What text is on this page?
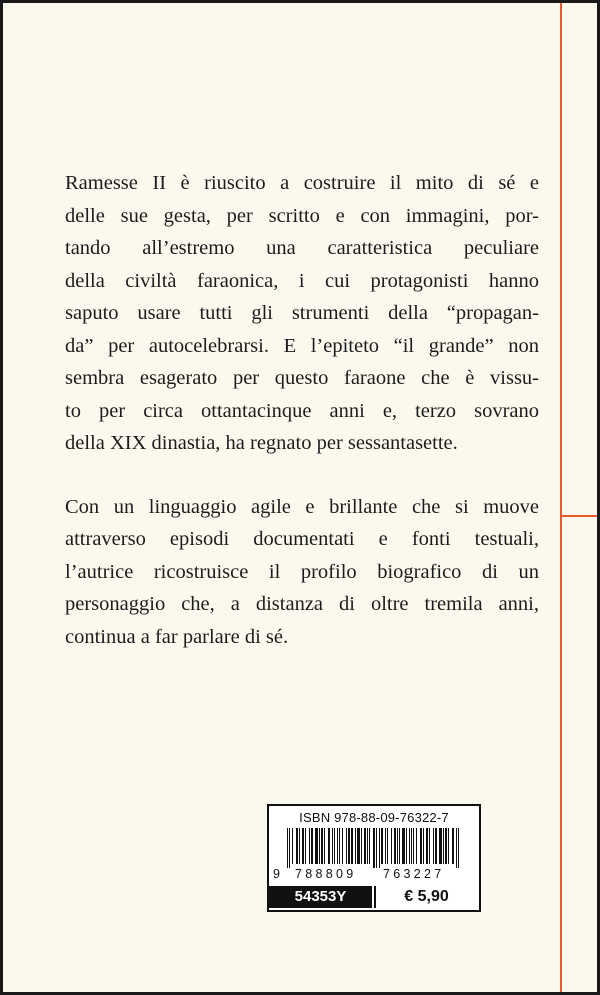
Ramesse II è riuscito a costruire il mito di sé e
delle sue gesta, per scritto e con immagini, por-
tando all’estremo una caratteristica peculiare
della civiltà faraonica, i cui protagonisti hanno
saputo usare tutti gli strumenti della “propagan-
da” per autocelebrarsi. E l’epiteto “il grande” non
sembra esagerato per questo faraone che è vissu-
to per circa ottantacinque anni e, terzo sovrano
della XIX dinastia, ha regnato per sessantasette.

Con un linguaggio agile e brillante che si muove
attraverso episodi documentati e fonti testuali,
l’autrice ricostruisce il profilo biografico di un
personaggio che, a distanza di oltre tremila anni,
continua a far parlare di sé.

ISBN 978-88-09-76322-7
9 788809 763227
54353Y	€ 5,90
